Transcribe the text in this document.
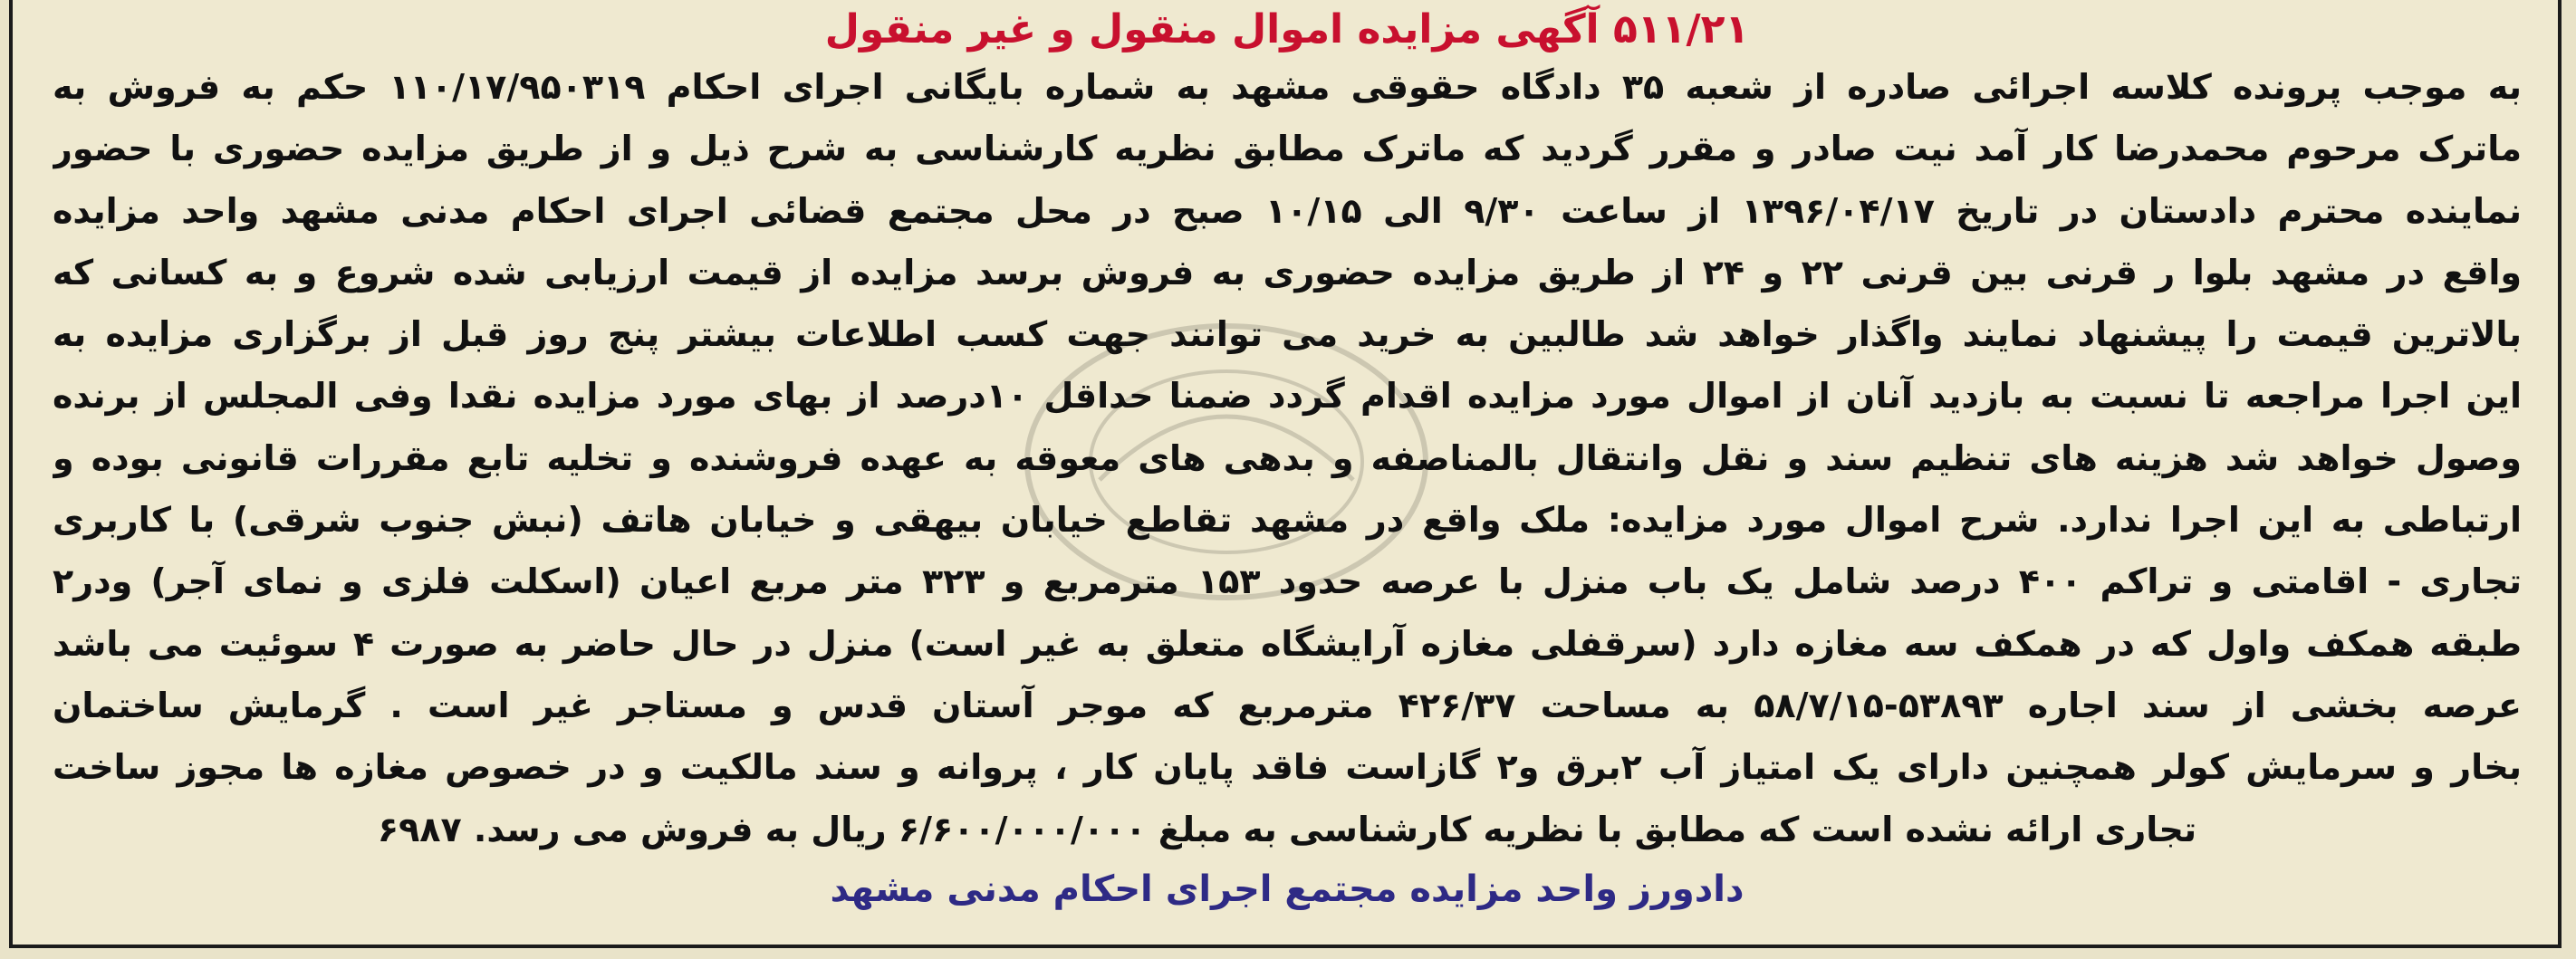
۵۱۱/۲۱ آگهی مزایده اموال منقول و غیر منقول
به موجب پرونده کلاسه اجرائی صادره از شعبه ۳۵ دادگاه حقوقی مشهد به شماره بایگانی اجرای احکام ۱۱۰/۱۷/۹۵۰۳۱۹ حکم به فروش به
ماترک مرحوم محمدرضا کار آمد نیت صادر و مقرر گردید که ماترک مطابق نظریه کارشناسی به شرح ذیل و از طریق مزایده حضوری با حضور
نماینده محترم دادستان در تاریخ ۱۳۹۶/۰۴/۱۷ از ساعت ۹/۳۰ الی ۱۰/۱۵ صبح در محل مجتمع قضائی اجرای احکام مدنی مشهد واحد مزایده
واقع در مشهد بلوا ر قرنی بین قرنی ۲۲ و ۲۴ از طریق مزایده حضوری به فروش برسد مزایده از قیمت ارزیابی شده شروع و به کسانی که
بالاترین قیمت را پیشنهاد نمایند واگذار خواهد شد طالبین به خرید می توانند جهت کسب اطلاعات بیشتر پنج روز قبل از برگزاری مزایده به
این اجرا مراجعه تا نسبت به بازدید آنان از اموال مورد مزایده اقدام گردد ضمنا حداقل ۱۰درصد از بهای مورد مزایده نقدا وفی المجلس از برنده
وصول خواهد شد هزینه های تنظیم سند و نقل وانتقال بالمناصفه و بدهی های معوقه به عهده فروشنده و تخلیه تابع مقررات قانونی بوده و
ارتباطی به این اجرا ندارد. شرح اموال مورد مزایده: ملک واقع در مشهد تقاطع خیابان بیهقی و خیابان هاتف (نبش جنوب شرقی) با کاربری
تجاری - اقامتی و تراکم ۴۰۰ درصد شامل یک باب منزل با عرصه حدود ۱۵۳ مترمربع و ۳۲۳ متر مربع اعیان (اسکلت فلزی و نمای آجر) ودر۲
طبقه همکف واول که در همکف سه مغازه دارد (سرقفلی مغازه آرایشگاه متعلق به غیر است) منزل در حال حاضر به صورت ۴ سوئیت می باشد
عرصه بخشی از سند اجاره ۵۳۸۹۳-۵۸/۷/۱۵ به مساحت ۴۲۶/۳۷ مترمربع که موجر آستان قدس و مستاجر غیر است . گرمایش ساختمان
بخار و سرمایش کولر همچنین دارای یک امتیاز آب ۲برق و۲ گازاست فاقد پایان کار ، پروانه و سند مالکیت و در خصوص مغازه ها مجوز ساخت
تجاری ارائه نشده است که مطابق با نظریه کارشناسی به مبلغ ۶/۶۰۰/۰۰۰/۰۰۰ ریال به فروش می رسد. ۶۹۸۷
دادورز واحد مزایده مجتمع اجرای احکام مدنی مشهد
